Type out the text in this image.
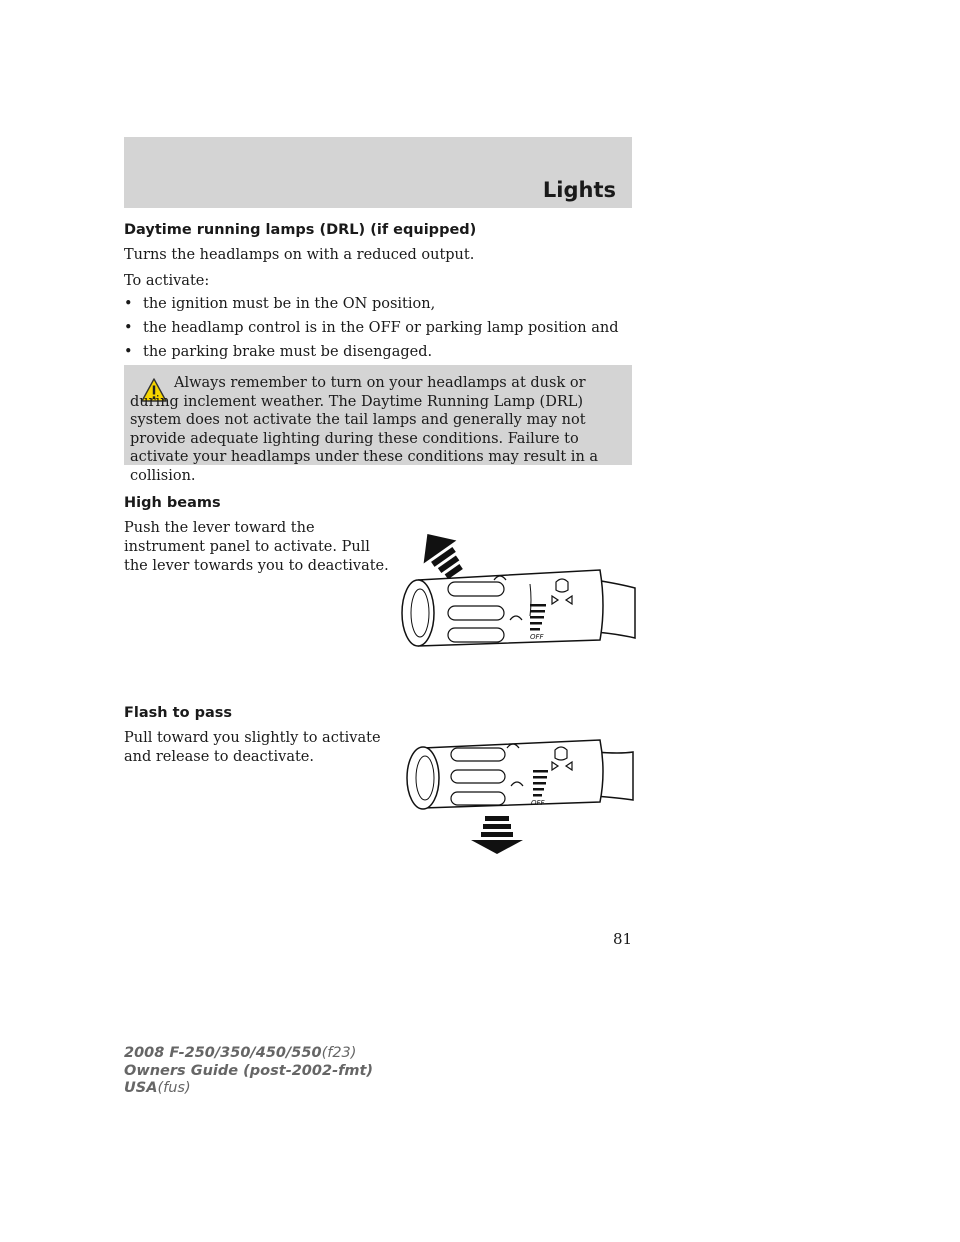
Lights
Daytime running lamps (DRL) (if equipped)

Turns the headlamps on with a reduced output.

To activate:

• the ignition must be in the ON position,
• the headlamp control is in the OFF or parking lamp position and
• the parking brake must be disengaged.

Always remember to turn on your headlamps at dusk or during inclement weather. The Daytime Running Lamp (DRL) system does not activate the tail lamps and generally may not provide adequate lighting during these conditions. Failure to activate your headlamps under these conditions may result in a collision.

High beams

Push the lever toward the

instrument panel to activate. Pull

the lever towards you to deactivate.

OFF
Flash to pass

Pull toward you slightly to activate

and release to deactivate.

OFF
81
2008 F-250/350/450/550(f23)
Owners Guide (post-2002-fmt)
USA(fus)
